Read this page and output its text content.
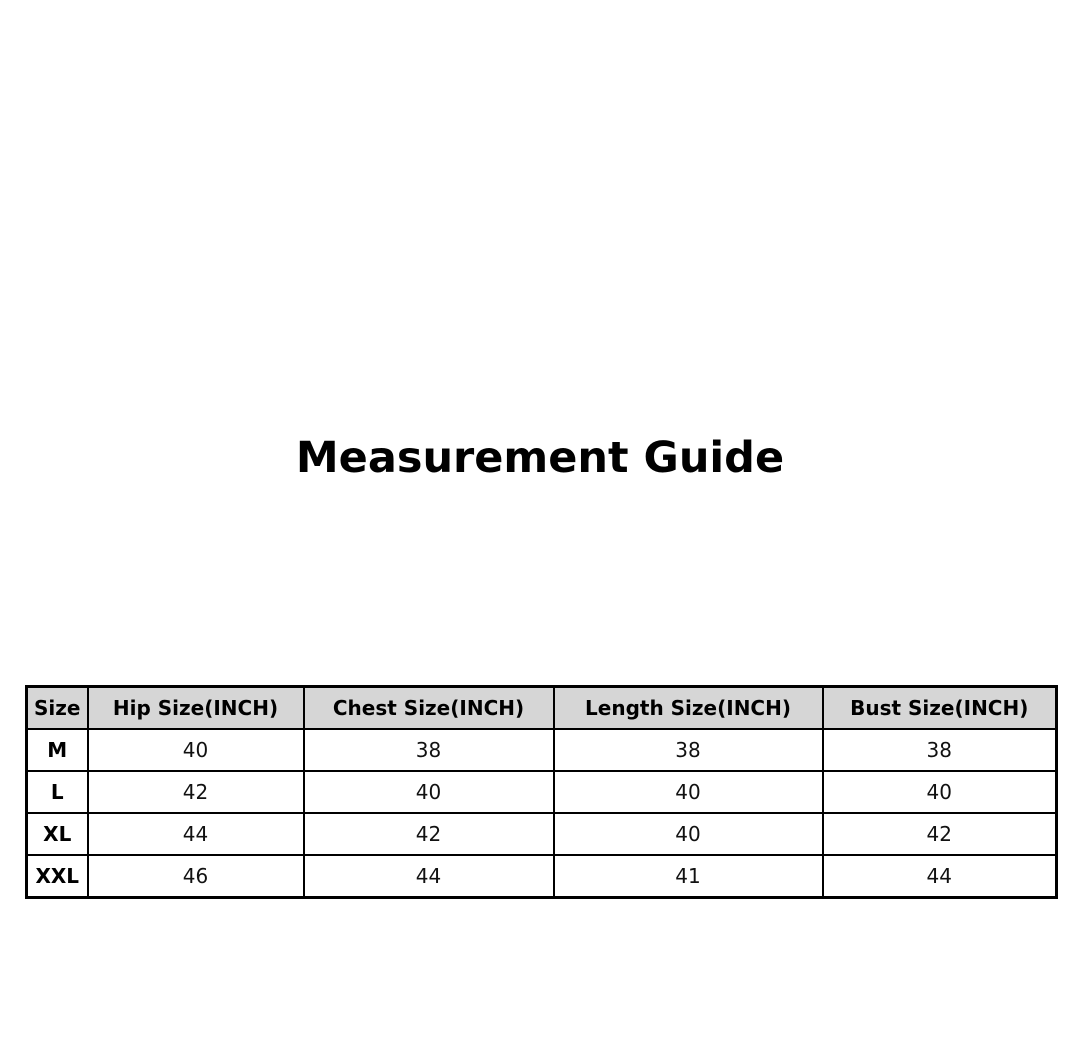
Measurement Guide
Size	Hip Size(INCH)	Chest Size(INCH)	Length Size(INCH)	Bust Size(INCH)
M	40	38	38	38
L	42	40	40	40
XL	44	42	40	42
XXL	46	44	41	44
